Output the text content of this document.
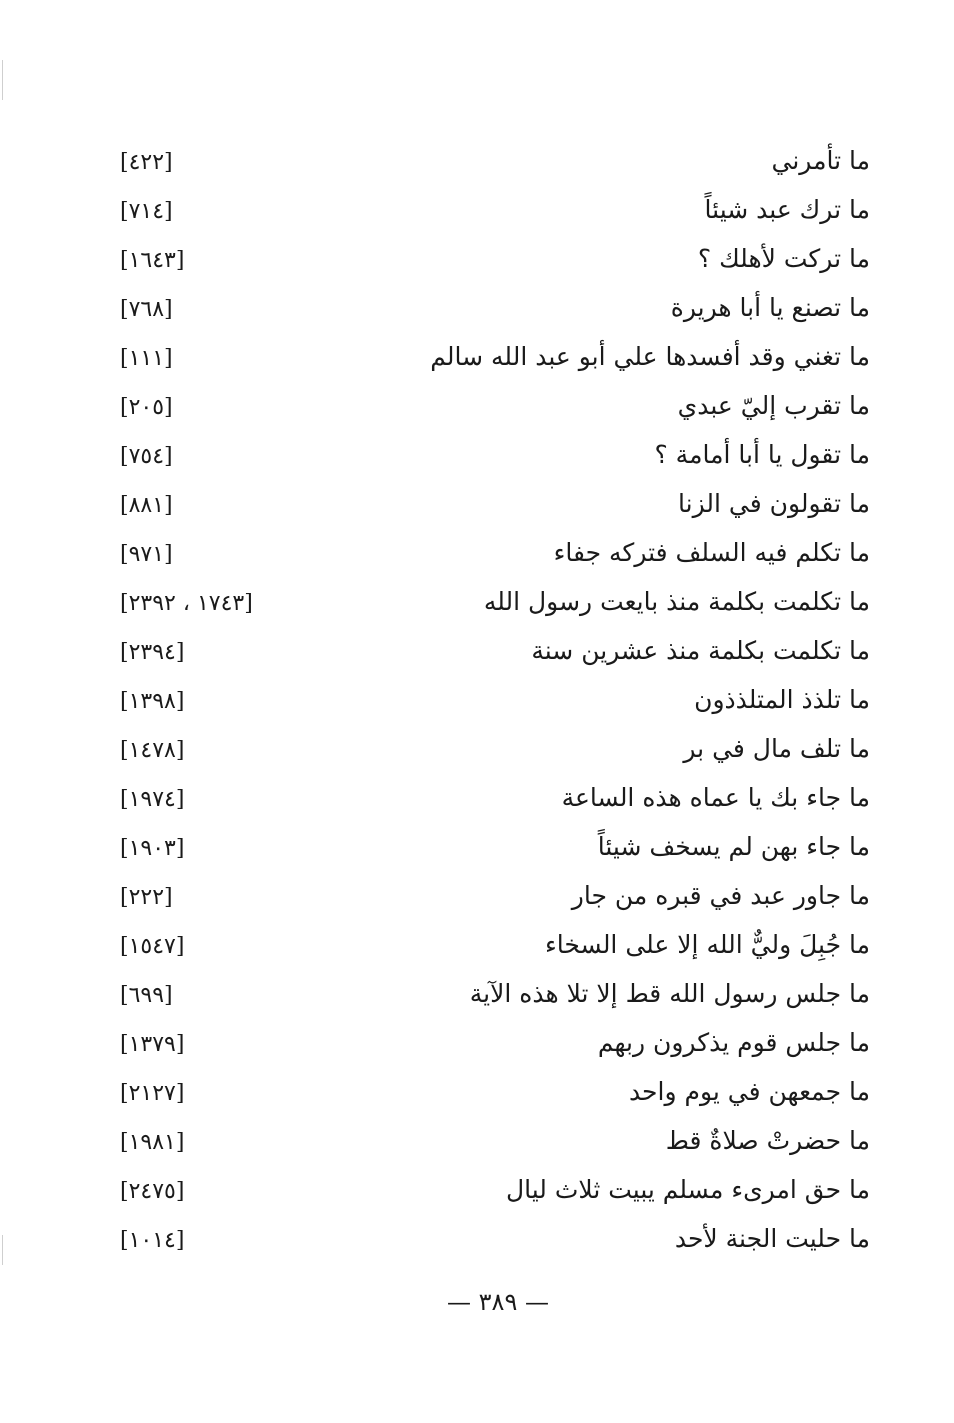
ما تأمرني
[٤٢٢]
ما ترك عبد شيئاً
[٧١٤]
ما تركت لأهلك ؟
[١٦٤٣]
ما تصنع يا أبا هريرة
[٧٦٨]
ما تغني وقد أفسدها علي أبو عبد الله سالم
[١١١]
ما تقرب إليّ عبدي
[٢٠٥]
ما تقول يا أبا أمامة ؟
[٧٥٤]
ما تقولون في الزنا
[٨٨١]
ما تكلم فيه السلف فتركه جفاء
[٩٧١]
ما تكلمت بكلمة منذ بايعت رسول الله
[١٧٤٣ ، ٢٣٩٢]
ما تكلمت بكلمة منذ عشرين سنة
[٢٣٩٤]
ما تلذذ المتلذذون
[١٣٩٨]
ما تلف مال في بر
[١٤٧٨]
ما جاء بك يا عماه هذه الساعة
[١٩٧٤]
ما جاء بهن لم يسخف شيئاً
[١٩٠٣]
ما جاور عبد في قبره من جار
[٢٢٢]
ما جُبِلَ وليٌّ الله إلا على السخاء
[١٥٤٧]
ما جلس رسول الله قط إلا تلا هذه الآية
[٦٩٩]
ما جلس قوم يذكرون ربهم
[١٣٧٩]
ما جمعهن في يوم واحد
[٢١٢٧]
ما حضرتْ صلاةٌ قط
[١٩٨١]
ما حق امرىء مسلم يبيت ثلاث ليال
[٢٤٧٥]
ما حليت الجنة لأحد
[١٠١٤]
— ٣٨٩ —
